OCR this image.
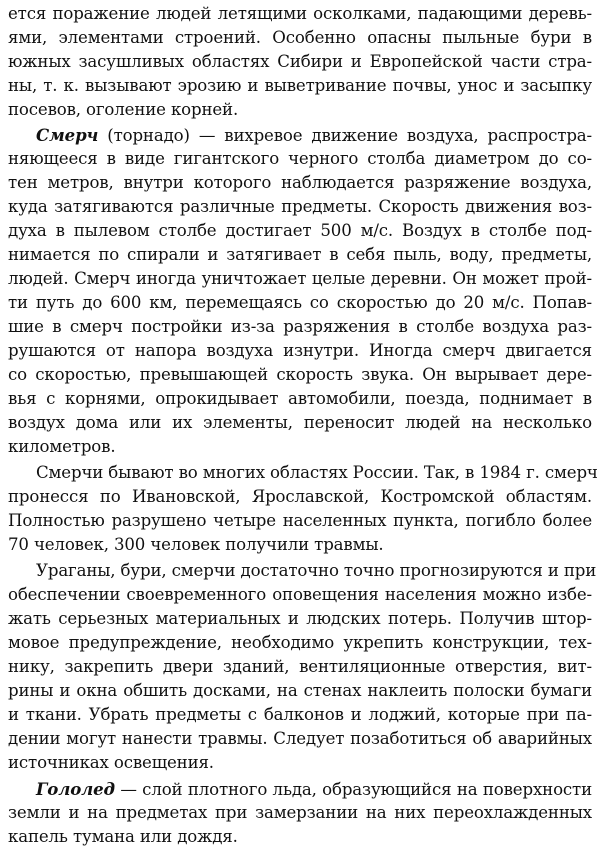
ется поражение людей летящими осколками, падающими деревь-
ями, элементами строений. Особенно опасны пыльные бури в
южных засушливых областях Сибири и Европейской части стра-
ны, т. к. вызывают эрозию и выветривание почвы, унос и засыпку
посевов, оголение корней.
Смерч (торнадо) — вихревое движение воздуха, распростра-
няющееся в виде гигантского черного столба диаметром до со-
тен метров, внутри которого наблюдается разряжение воздуха,
куда затягиваются различные предметы. Скорость движения воз-
духа в пылевом столбе достигает 500 м/с. Воздух в столбе под-
нимается по спирали и затягивает в себя пыль, воду, предметы,
людей. Смерч иногда уничтожает целые деревни. Он может прой-
ти путь до 600 км, перемещаясь со скоростью до 20 м/с. Попав-
шие в смерч постройки из-за разряжения в столбе воздуха раз-
рушаются от напора воздуха изнутри. Иногда смерч двигается
со скоростью, превышающей скорость звука. Он вырывает дере-
вья с корнями, опрокидывает автомобили, поезда, поднимает в
воздух дома или их элементы, переносит людей на несколько
километров.
Смерчи бывают во многих областях России. Так, в 1984 г. смерч
пронесся по Ивановской, Ярославской, Костромской областям.
Полностью разрушено четыре населенных пункта, погибло более
70 человек, 300 человек получили травмы.
Ураганы, бури, смерчи достаточно точно прогнозируются и при
обеспечении своевременного оповещения населения можно избе-
жать серьезных материальных и людских потерь. Получив штор-
мовое предупреждение, необходимо укрепить конструкции, тех-
нику, закрепить двери зданий, вентиляционные отверстия, вит-
рины и окна обшить досками, на стенах наклеить полоски бумаги
и ткани. Убрать предметы с балконов и лоджий, которые при па-
дении могут нанести травмы. Следует позаботиться об аварийных
источниках освещения.
Гололед — слой плотного льда, образующийся на поверхности
земли и на предметах при замерзании на них переохлажденных
капель тумана или дождя.
